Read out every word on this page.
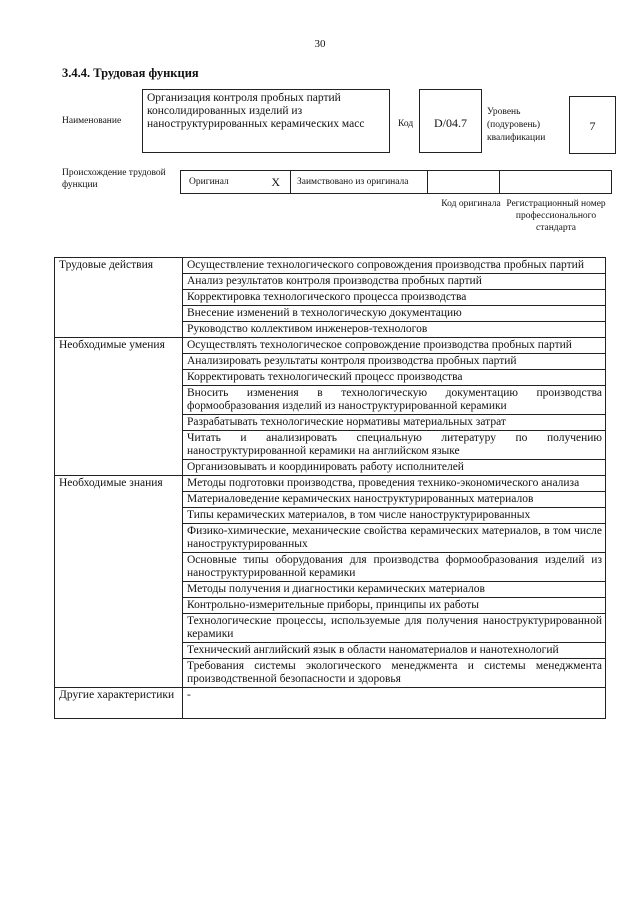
30
3.4.4. Трудовая функция
Наименование
Организация контроля пробных партий консолидированных изделий из наноструктурированных керамических масс	Код	D/04.7
Уровень (подуровень) квалификации
7
Происхождение трудовой функции	Оригинал	X Заимствовано из оригинала
Код оригинала Регистрационный номер профессионального стандарта
Трудовые действия	Осуществление технологического сопровождения производства пробных партий
	Анализ результатов контроля производства пробных партий
	Корректировка технологического процесса производства
	Внесение изменений в технологическую документацию
	Руководство коллективом инженеров-технологов
Необходимые умения	Осуществлять технологическое сопровождение производства пробных партий
	Анализировать результаты контроля производства пробных партий
	Корректировать технологический процесс производства
	Вносить изменения в технологическую документацию производства формообразования изделий из наноструктурированной керамики
	Разрабатывать технологические нормативы материальных затрат
	Читать и анализировать специальную литературу по получению наноструктурированной керамики на английском языке
	Организовывать и координировать работу исполнителей
Необходимые знания	Методы подготовки производства, проведения технико-экономического анализа
	Материаловедение керамических наноструктурированных материалов
	Типы керамических материалов, в том числе наноструктурированных
	Физико-химические, механические свойства керамических материалов, в том числе наноструктурированных
	Основные типы оборудования для производства формообразования изделий из наноструктурированной керамики
	Методы получения и диагностики керамических материалов
	Контрольно-измерительные приборы, принципы их работы
	Технологические процессы, используемые для получения наноструктурированной керамики
	Технический английский язык в области наноматериалов и нанотехнологий
	Требования системы экологического менеджмента и системы менеджмента производственной безопасности и здоровья
Другие характеристики	-
